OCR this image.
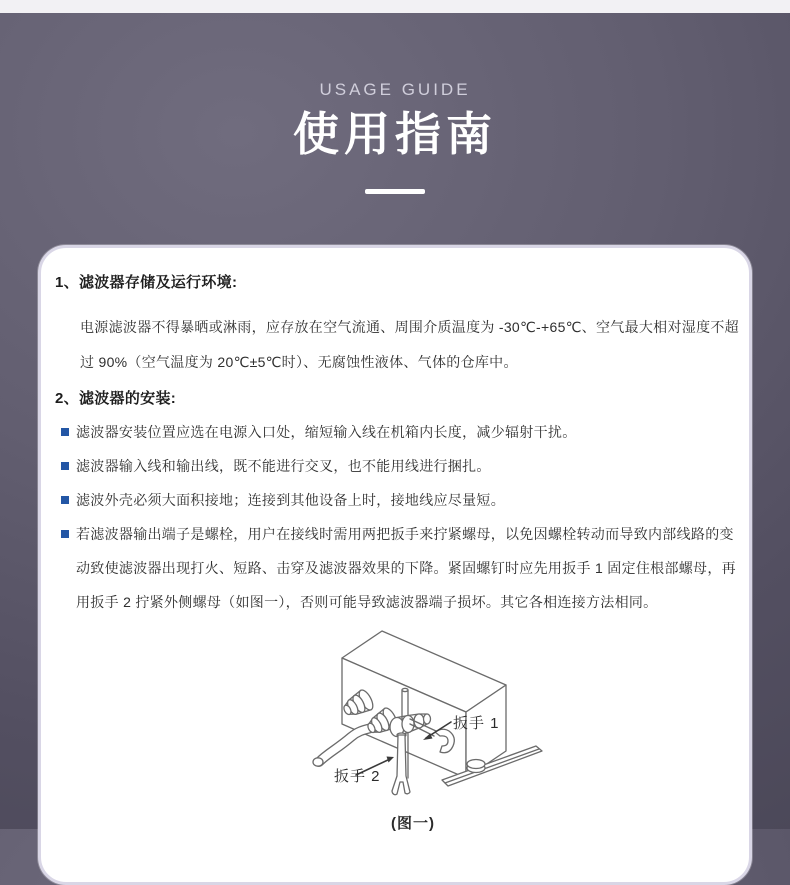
USAGE GUIDE
使用指南

1、滤波器存储及运行环境:

电源滤波器不得暴晒或淋雨，应存放在空气流通、周围介质温度为 -30℃-+65℃、空气最大相对湿度不超过 90%（空气温度为 20℃±5℃时）、无腐蚀性液体、气体的仓库中。

2、滤波器的安装:

滤波器安装位置应选在电源入口处，缩短输入线在机箱内长度，减少辐射干扰。
滤波器输入线和输出线，既不能进行交叉，也不能用线进行捆扎。
滤波外壳必须大面积接地；连接到其他设备上时，接地线应尽量短。
若滤波器输出端子是螺栓，用户在接线时需用两把扳手来拧紧螺母，以免因螺栓转动而导致内部线路的变动致使滤波器出现打火、短路、击穿及滤波器效果的下降。紧固螺钉时应先用扳手 1 固定住根部螺母，再用扳手 2 拧紧外侧螺母（如图一），否则可能导致滤波器端子损坏。其它各相连接方法相同。
扳手 1
扳手 2
(图一)
